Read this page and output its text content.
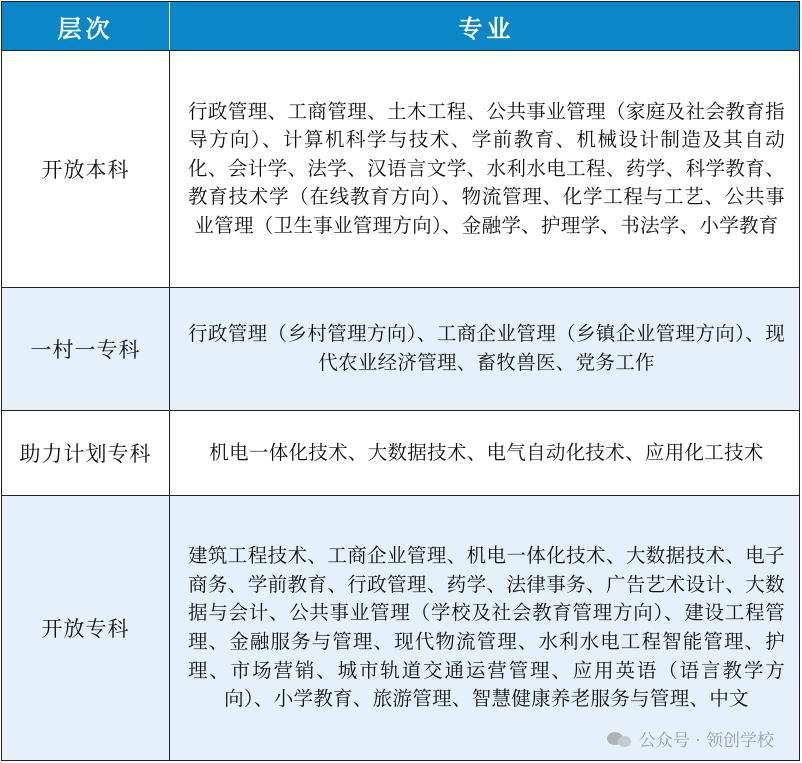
层次	专业
开放本科
行政管理、工商管理、土木工程、公共事业管理（家庭及社会教育指导方向）、计算机科学与技术、学前教育、机械设计制造及其自动化、会计学、法学、汉语言文学、水利水电工程、药学、科学教育、教育技术学（在线教育方向）、物流管理、化学工程与工艺、公共事业管理（卫生事业管理方向）、金融学、护理学、书法学、小学教育
一村一专科
行政管理（乡村管理方向）、工商企业管理（乡镇企业管理方向）、现代农业经济管理、畜牧兽医、党务工作
助力计划专科	机电一体化技术、大数据技术、电气自动化技术、应用化工技术
开放专科
建筑工程技术、工商企业管理、机电一体化技术、大数据技术、电子商务、学前教育、行政管理、药学、法律事务、广告艺术设计、大数据与会计、公共事业管理（学校及社会教育管理方向）、建设工程管理、金融服务与管理、现代物流管理、水利水电工程智能管理、护理、市场营销、城市轨道交通运营管理、应用英语（语言教学方向）、小学教育、旅游管理、智慧健康养老服务与管理、中文
公众号 · 领创学校
